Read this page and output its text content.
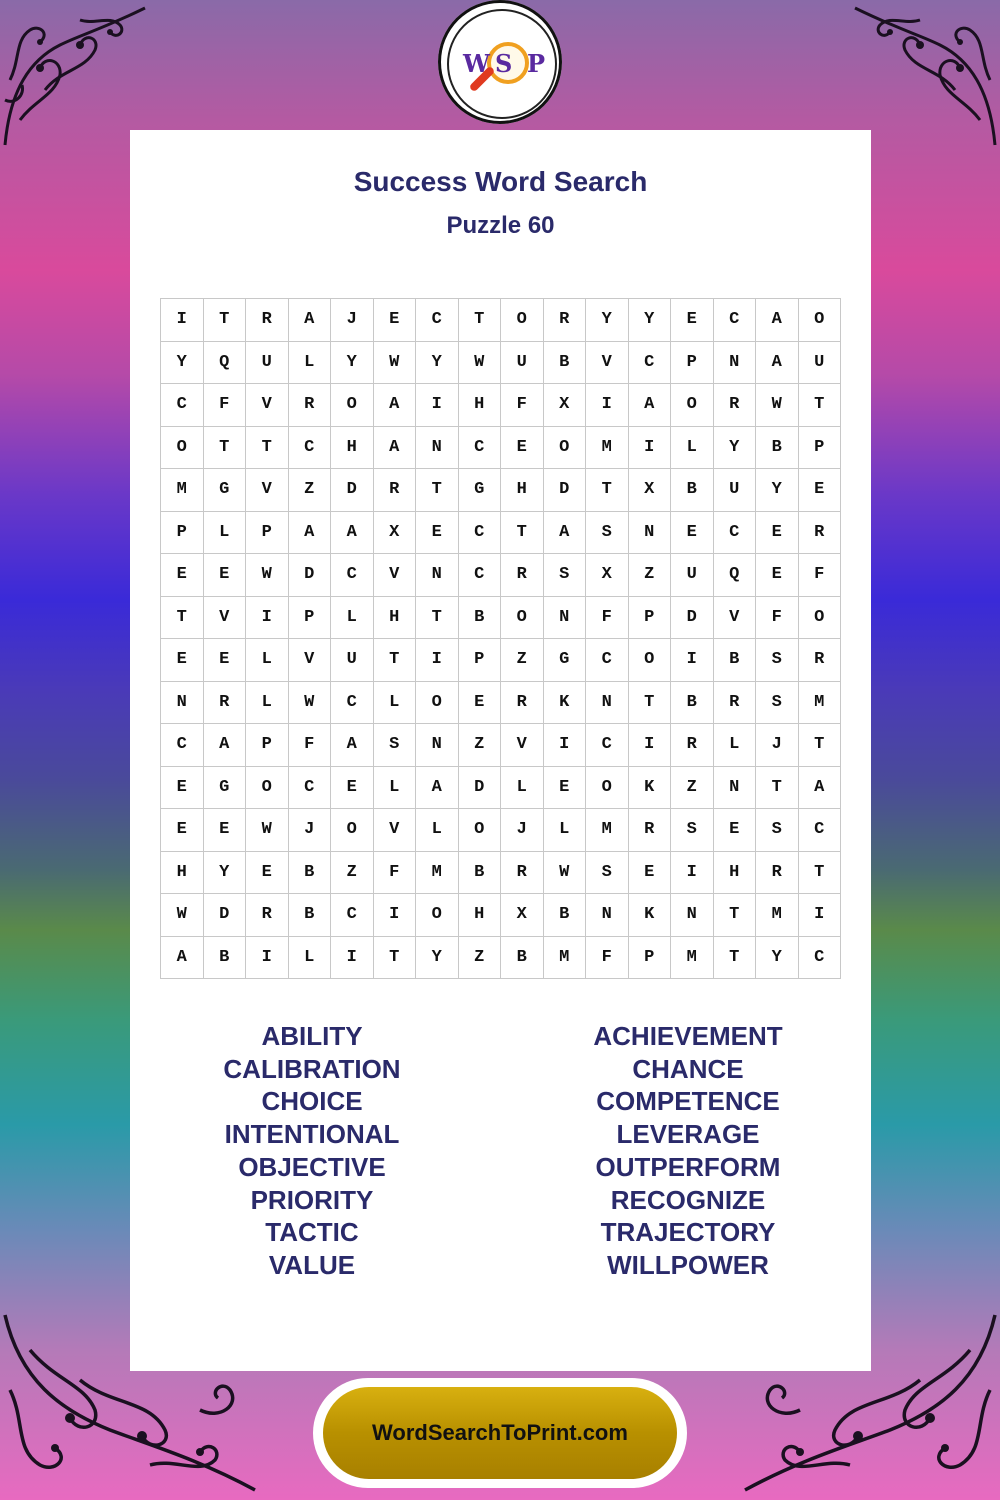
W S P
Success Word Search
Puzzle 60
I	T	R	A	J	E	C	T	O	R	Y	Y	E	C	A	O
Y	Q	U	L	Y	W	Y	W	U	B	V	C	P	N	A	U
C	F	V	R	O	A	I	H	F	X	I	A	O	R	W	T
O	T	T	C	H	A	N	C	E	O	M	I	L	Y	B	P
M	G	V	Z	D	R	T	G	H	D	T	X	B	U	Y	E
P	L	P	A	A	X	E	C	T	A	S	N	E	C	E	R
E	E	W	D	C	V	N	C	R	S	X	Z	U	Q	E	F
T	V	I	P	L	H	T	B	O	N	F	P	D	V	F	O
E	E	L	V	U	T	I	P	Z	G	C	O	I	B	S	R
N	R	L	W	C	L	O	E	R	K	N	T	B	R	S	M
C	A	P	F	A	S	N	Z	V	I	C	I	R	L	J	T
E	G	O	C	E	L	A	D	L	E	O	K	Z	N	T	A
E	E	W	J	O	V	L	O	J	L	M	R	S	E	S	C
H	Y	E	B	Z	F	M	B	R	W	S	E	I	H	R	T
W	D	R	B	C	I	O	H	X	B	N	K	N	T	M	I
A	B	I	L	I	T	Y	Z	B	M	F	P	M	T	Y	C
ABILITY
CALIBRATION
CHOICE
INTENTIONAL
OBJECTIVE
PRIORITY
TACTIC
VALUE
ACHIEVEMENT
CHANCE
COMPETENCE
LEVERAGE
OUTPERFORM
RECOGNIZE
TRAJECTORY
WILLPOWER
WordSearchToPrint.com
